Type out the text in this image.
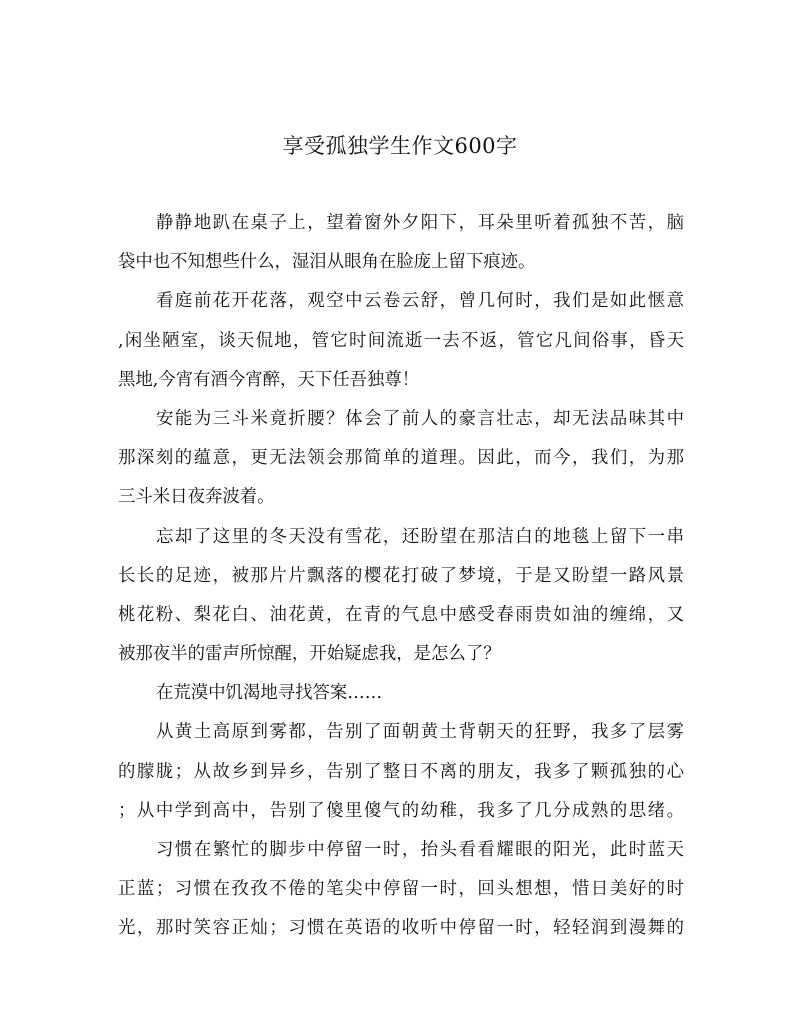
享受孤独学生作文600字

静静地趴在桌子上，望着窗外夕阳下，耳朵里听着孤独不苦，脑

袋中也不知想些什么，湿泪从眼角在脸庞上留下痕迹。

看庭前花开花落，观空中云卷云舒，曾几何时，我们是如此惬意

,闲坐陋室，谈天侃地，管它时间流逝一去不返，管它凡间俗事，昏天

黑地,今宵有酒今宵醉，天下任吾独尊！

安能为三斗米竟折腰？体会了前人的豪言壮志，却无法品味其中

那深刻的蕴意，更无法领会那简单的道理。因此，而今，我们，为那

三斗米日夜奔波着。

忘却了这里的冬天没有雪花，还盼望在那洁白的地毯上留下一串

长长的足迹，被那片片飘落的樱花打破了梦境，于是又盼望一路风景

桃花粉、梨花白、油花黄，在青的气息中感受春雨贵如油的缠绵，又

被那夜半的雷声所惊醒，开始疑虑我，是怎么了？

在荒漠中饥渴地寻找答案……

从黄土高原到雾都，告别了面朝黄土背朝天的狂野，我多了层雾

的朦胧；从故乡到异乡，告别了整日不离的朋友，我多了颗孤独的心

；从中学到高中，告别了傻里傻气的幼稚，我多了几分成熟的思绪。

习惯在繁忙的脚步中停留一时，抬头看看耀眼的阳光，此时蓝天

正蓝；习惯在孜孜不倦的笔尖中停留一时，回头想想，惜日美好的时

光，那时笑容正灿；习惯在英语的收听中停留一时，轻轻润到漫舞的
